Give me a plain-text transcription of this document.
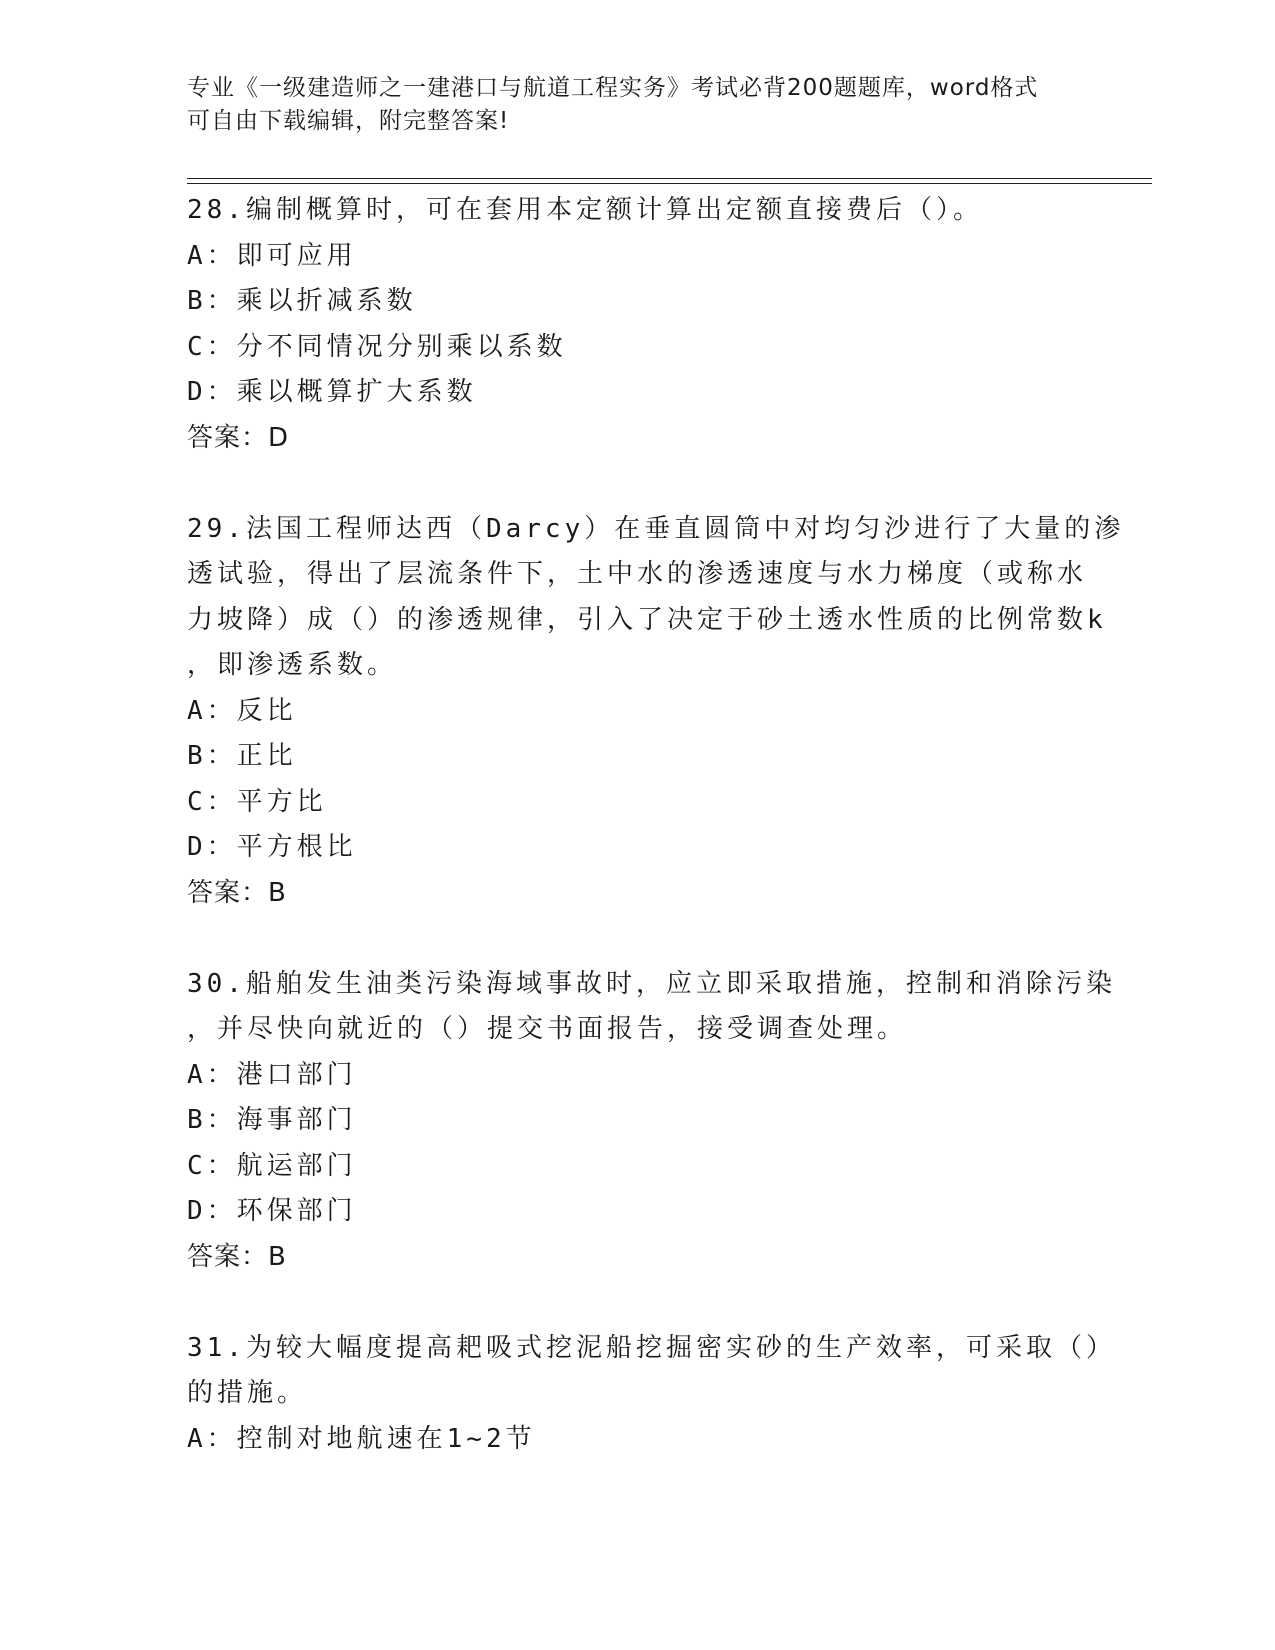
专业《一级建造师之一建港口与航道工程实务》考试必背200题题库，word格式
可自由下载编辑，附完整答案!
28.编制概算时，可在套用本定额计算出定额直接费后（）。
A：即可应用
B：乘以折减系数
C：分不同情况分别乘以系数
D：乘以概算扩大系数
答案：D
29.法国工程师达西（Darcy）在垂直圆筒中对均匀沙进行了大量的渗
透试验，得出了层流条件下，土中水的渗透速度与水力梯度（或称水
力坡降）成（）的渗透规律，引入了决定于砂土透水性质的比例常数k
，即渗透系数。
A：反比
B：正比
C：平方比
D：平方根比
答案：B
30.船舶发生油类污染海域事故时，应立即采取措施，控制和消除污染
，并尽快向就近的（）提交书面报告，接受调查处理。
A：港口部门
B：海事部门
C：航运部门
D：环保部门
答案：B
31.为较大幅度提高耙吸式挖泥船挖掘密实砂的生产效率，可采取（）
的措施。
A：控制对地航速在1~2节
